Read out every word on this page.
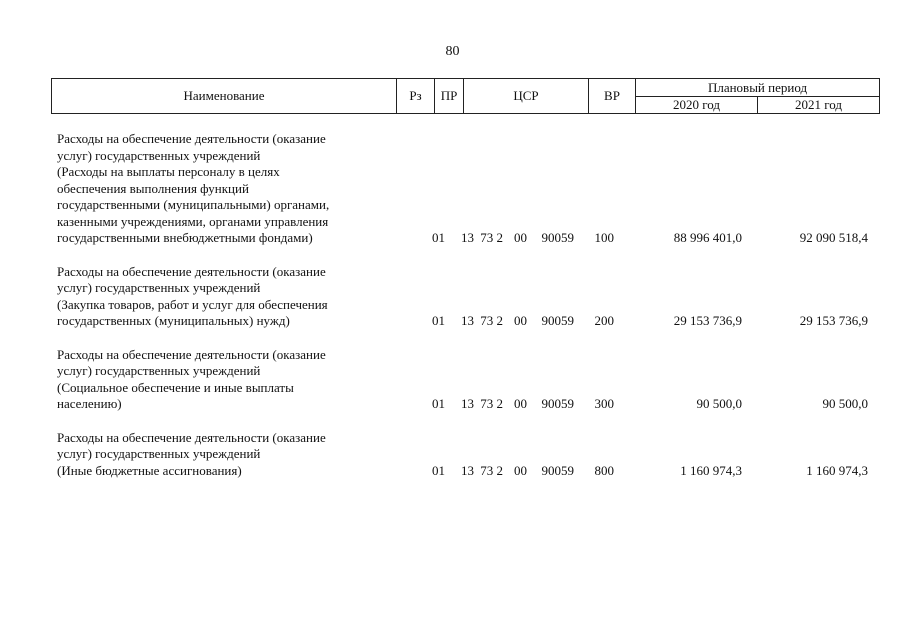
80
Наименование	Рз	ПР	ЦСР	ВР	Плановый период	
					2020 год	2021 год
Расходы на обеспечение деятельности (оказание
услуг) государственных учреждений
(Расходы на выплаты персоналу в целях
обеспечения выполнения функций
государственными (муниципальными) органами,
казенными учреждениями, органами управления
государственными внебюджетными фондами)	01	13 73 2 00	90059	100	88 996 401,0	92 090 518,4
Расходы на обеспечение деятельности (оказание
услуг) государственных учреждений
(Закупка товаров, работ и услуг для обеспечения
государственных (муниципальных) нужд)	01	13 73 2 00	90059	200	29 153 736,9	29 153 736,9
Расходы на обеспечение деятельности (оказание
услуг) государственных учреждений
(Социальное обеспечение и иные выплаты
населению)	01	13 73 2 00	90059	300	90 500,0	90 500,0
Расходы на обеспечение деятельности (оказание
услуг) государственных учреждений
(Иные бюджетные ассигнования)	01	13 73 2 00	90059	800	1 160 974,3	1 160 974,3
